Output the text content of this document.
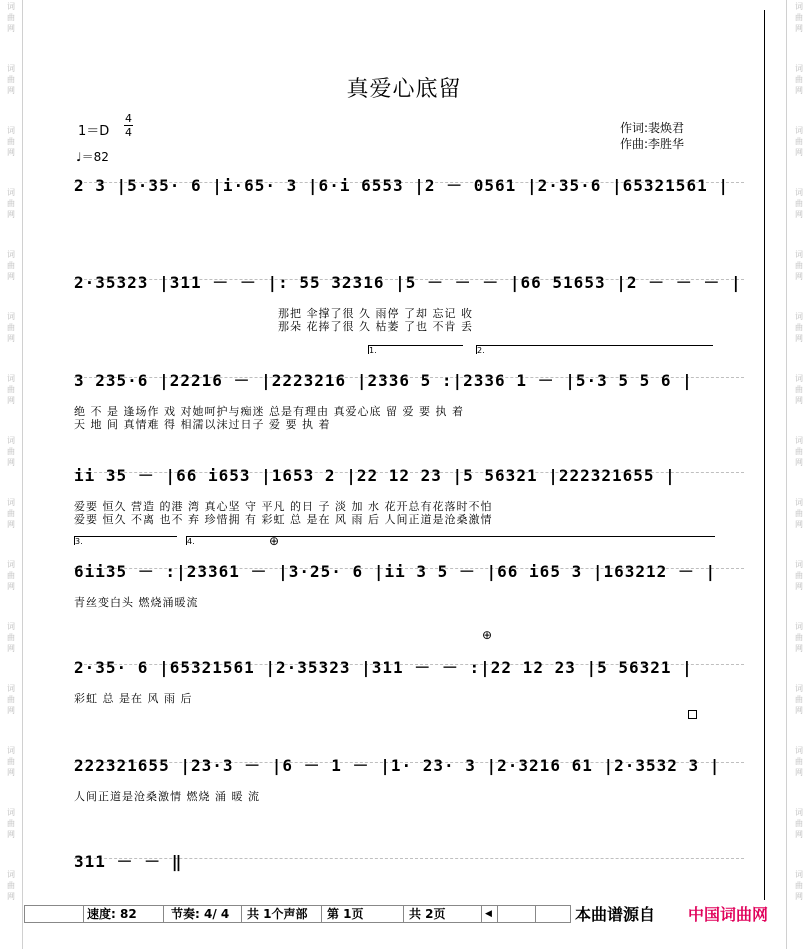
词
曲
网
词
曲
网
词
曲
网
词
曲
网
词
曲
网
词
曲
网
词
曲
网
词
曲
网
词
曲
网
词
曲
网
词
曲
网
词
曲
网
词
曲
网
词
曲
网
词
曲
网
词
曲
网
词
曲
网
词
曲
网
词
曲
网
词
曲
网
词
曲
网
词
曲
网
词
曲
网
词
曲
网
词
曲
网
词
曲
网
词
曲
网
词
曲
网
词
曲
网
词
曲
网
真爱心底留
1＝D
4
4
♩＝82
作词:裴焕君
作曲:李胜华
2 3 |5·35· 6 |i·65· 3 |6·i 6553 |2 － 0561 |2·35·6 |65321561 |
2·35323 |311 － － |: 55 32316 |5 － － － |66 51653 |2 － － － |
那把 伞撑了很 久 雨停 了却 忘记 收
那朵 花捧了很 久 枯萎 了也 不肯 丢
1.	2.
3 235·6 |22216 － |2223216 |2336 5 :|2336 1 － |5·3 5 5 6 |
绝 不 是 逢场作 戏 对她呵护与痴迷 总是有理由 真爱心底 留 爱 要 执 着
天 地 间 真情难 得 相濡以沫过日子 爱 要 执 着
ii 35 － |66 i653 |1653 2 |22 12 23 |5 56321 |222321655 |
爱要 恒久 营造 的港 湾 真心坚 守 平凡 的日 子 淡 加 水 花开总有花落时不怕
爱要 恒久 不离 也不 弃 珍惜拥 有 彩虹 总 是在 风 雨 后 人间正道是沧桑激情
3.	4.	⊕
6ii35 － :|23361 － |3·25· 6 |ii 3 5 － |66 i65 3 |163212 － |
青丝变白头 燃烧涌暖流
⊕
2·35· 6 |65321561 |2·35323 |311 － － :|22 12 23 |5 56321 |
彩虹 总 是在 风 雨 后
222321655 |23·3 － |6 － 1 － |1· 23· 3 |2·3216 61 |2·3532 3 |
人间正道是沧桑激情 燃烧 涌 暖 流
311 － － ‖
速度: 82	节奏: 4/ 4 共 1个声部 第 1页	共 2页	◀	本曲谱源自 中国词曲网
